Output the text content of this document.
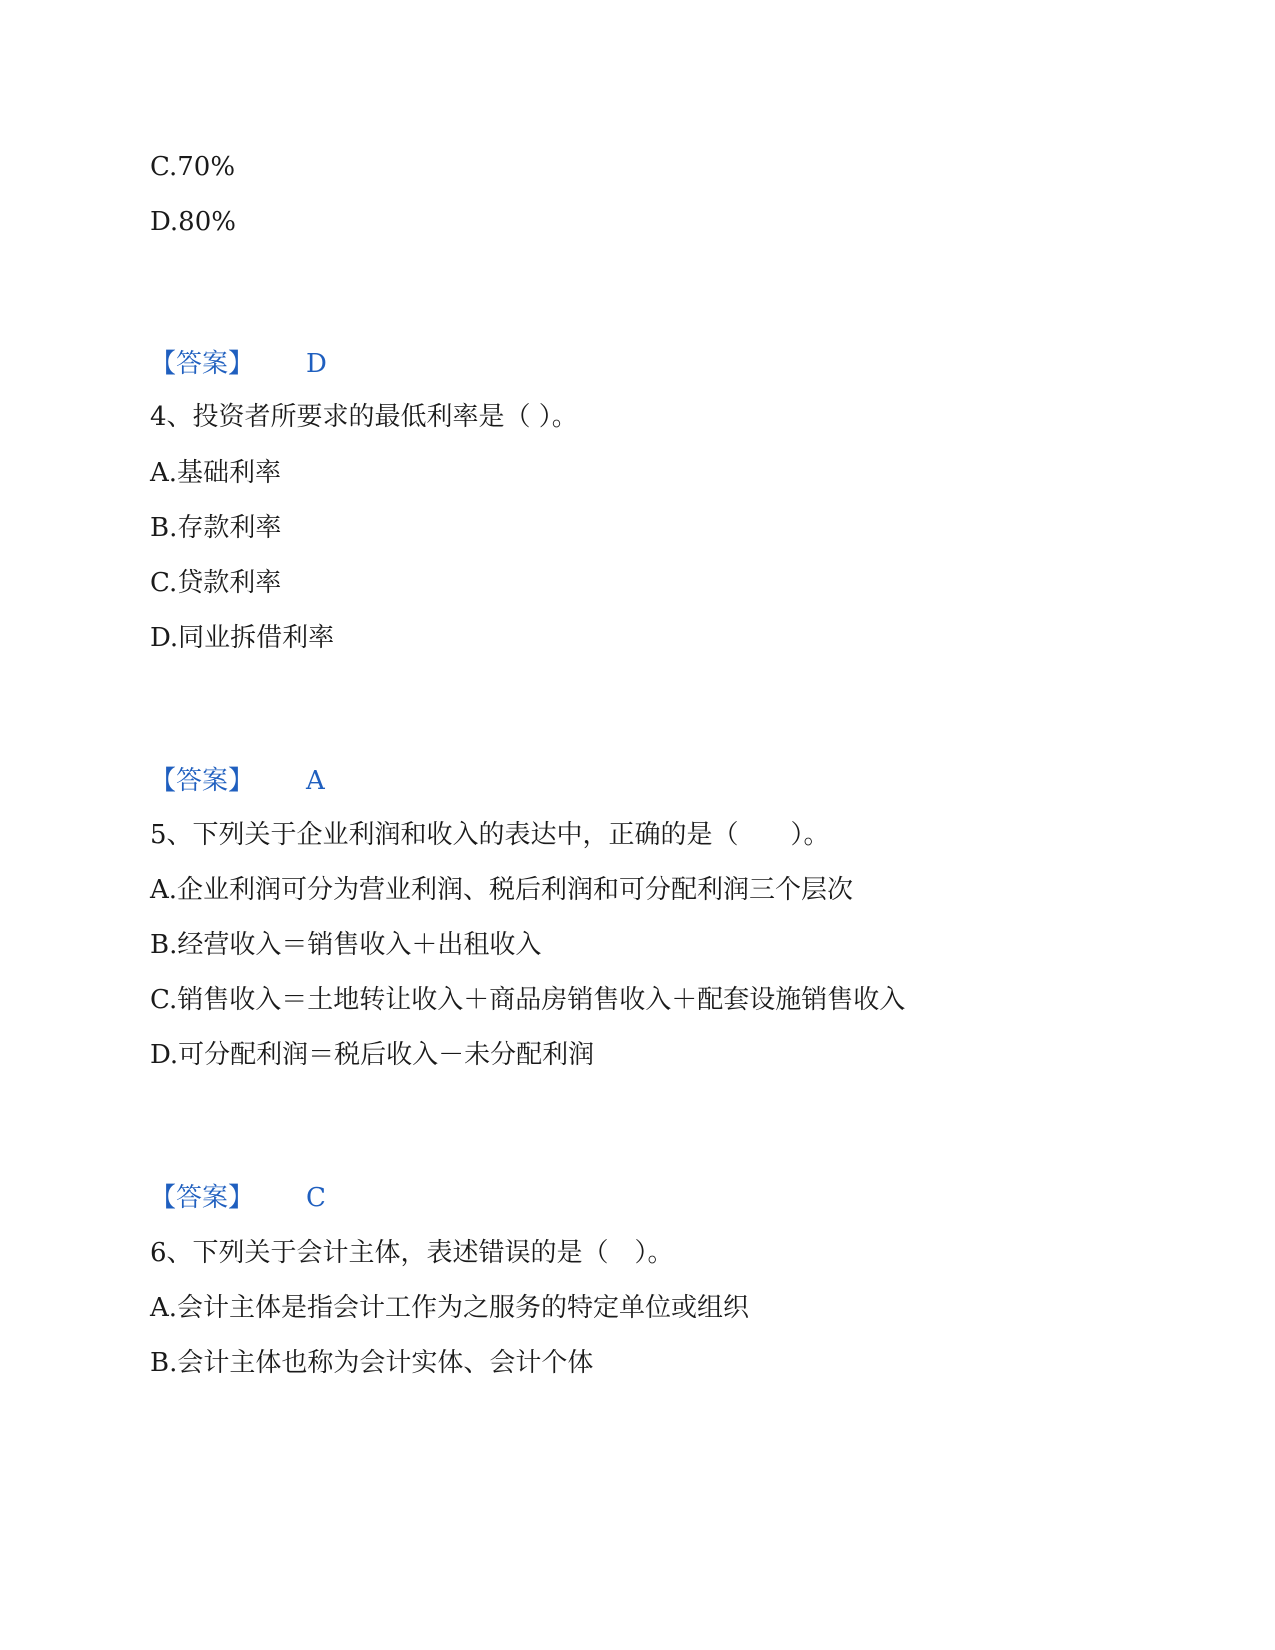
C.70%
D.80%
【答案】 D
4、投资者所要求的最低利率是（ ）。
A.基础利率
B.存款利率
C.贷款利率
D.同业拆借利率
【答案】 A
5、下列关于企业利润和收入的表达中，正确的是（　　）。
A.企业利润可分为营业利润、税后利润和可分配利润三个层次
B.经营收入＝销售收入＋出租收入
C.销售收入＝土地转让收入＋商品房销售收入＋配套设施销售收入
D.可分配利润＝税后收入－未分配利润
【答案】 C
6、下列关于会计主体，表述错误的是（　）。
A.会计主体是指会计工作为之服务的特定单位或组织
B.会计主体也称为会计实体、会计个体
